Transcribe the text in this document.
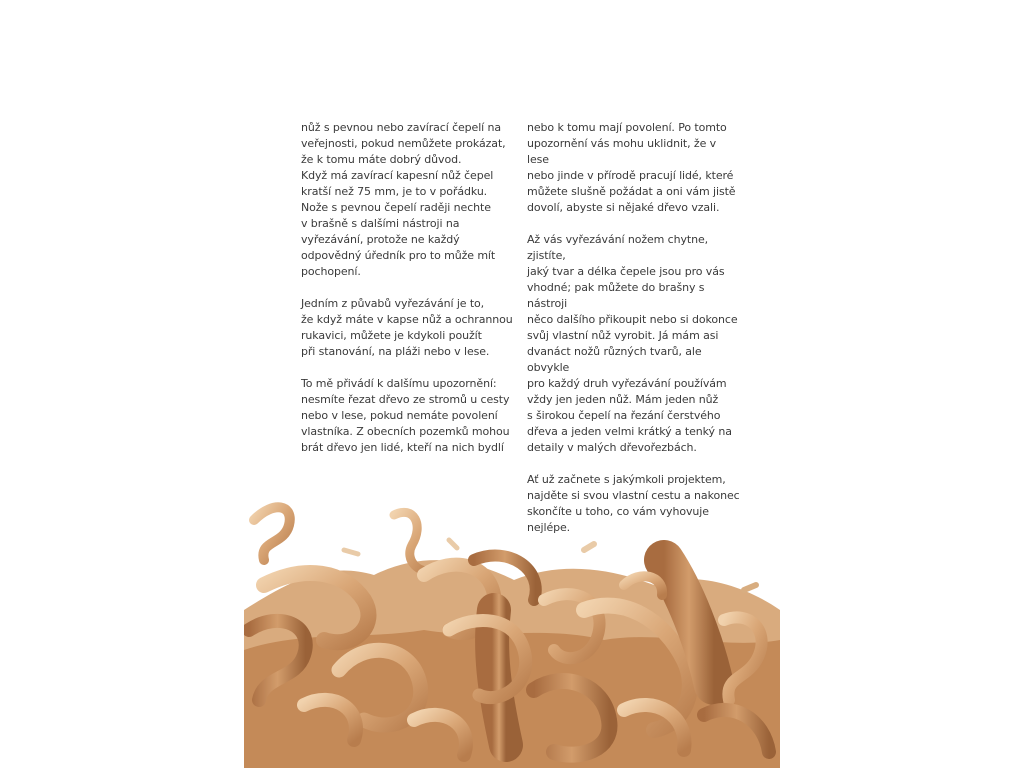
nůž s pevnou nebo zavírací čepelí na
veřejnosti, pokud nemůžete prokázat,
že k tomu máte dobrý důvod.
Když má zavírací kapesní nůž čepel
kratší než 75 mm, je to v pořádku.
Nože s pevnou čepelí raději nechte
v brašně s dalšími nástroji na
vyřezávání, protože ne každý
odpovědný úředník pro to může mít
pochopení.

Jedním z půvabů vyřezávání je to,
že když máte v kapse nůž a ochrannou
rukavici, můžete je kdykoli použít
při stanování, na pláži nebo v lese.

To mě přivádí k dalšímu upozornění:
nesmíte řezat dřevo ze stromů u cesty
nebo v lese, pokud nemáte povolení
vlastníka. Z obecních pozemků mohou
brát dřevo jen lidé, kteří na nich bydlí

nebo k tomu mají povolení. Po tomto
upozornění vás mohu uklidnit, že v lese
nebo jinde v přírodě pracují lidé, které
můžete slušně požádat a oni vám jistě
dovolí, abyste si nějaké dřevo vzali.

Až vás vyřezávání nožem chytne, zjistíte,
jaký tvar a délka čepele jsou pro vás
vhodné; pak můžete do brašny s nástroji
něco dalšího přikoupit nebo si dokonce
svůj vlastní nůž vyrobit. Já mám asi
dvanáct nožů různých tvarů, ale obvykle
pro každý druh vyřezávání používám
vždy jen jeden nůž. Mám jeden nůž
s širokou čepelí na řezání čerstvého
dřeva a jeden velmi krátký a tenký na
detaily v malých dřevořezbách.

Ať už začnete s jakýmkoli projektem,
najděte si svou vlastní cestu a nakonec
skončíte u toho, co vám vyhovuje nejlépe.
